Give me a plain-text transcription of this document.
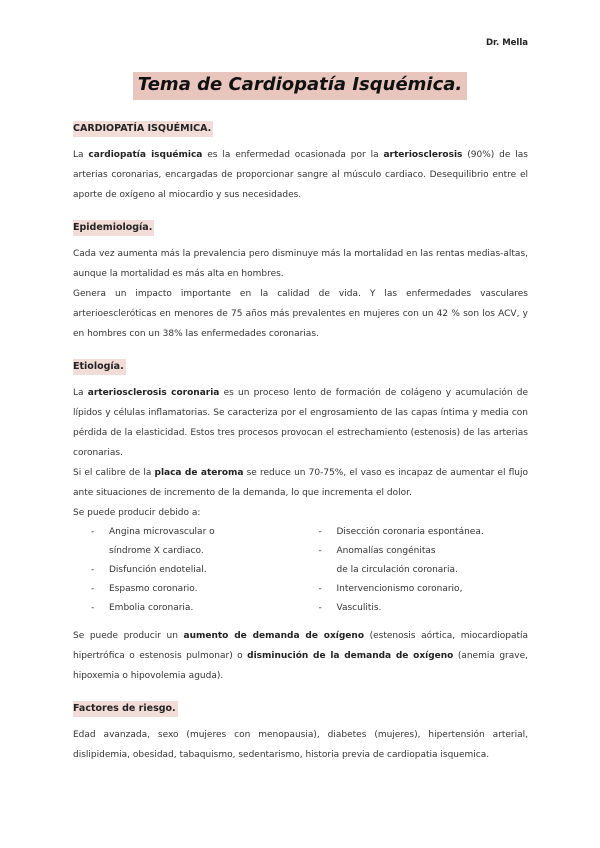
Dr. Mella
Tema de Cardiopatía Isquémica.
CARDIOPATÍA ISQUÉMICA.

La cardiopatía isquémica es la enfermedad ocasionada por la arteriosclerosis (90%) de las arterias coronarias, encargadas de proporcionar sangre al músculo cardiaco. Desequilibrio entre el aporte de oxígeno al miocardio y sus necesidades.

Epidemiología.

Cada vez aumenta más la prevalencia pero disminuye más la mortalidad en las rentas medias-altas, aunque la mortalidad es más alta en hombres.

Genera un impacto importante en la calidad de vida. Y las enfermedades vasculares arterioescleróticas en menores de 75 años más prevalentes en mujeres con un 42 % son los ACV, y en hombres con un 38% las enfermedades coronarias.

Etiología.

La arteriosclerosis coronaria es un proceso lento de formación de colágeno y acumulación de lípidos y células inflamatorias. Se caracteriza por el engrosamiento de las capas íntima y media con pérdida de la elasticidad. Estos tres procesos provocan el estrechamiento (estenosis) de las arterias coronarias.

Si el calibre de la placa de ateroma se reduce un 70-75%, el vaso es incapaz de aumentar el flujo ante situaciones de incremento de la demanda, lo que incrementa el dolor.

Se puede producir debido a:

-	Angina microvascular o
síndrome X cardiaco.
-	Disfunción endotelial.
-	Espasmo coronario.
-	Embolia coronaria.
-	Disección coronaria espontánea.
-	Anomalías congénitas
de la circulación coronaria.
-	Intervencionismo coronario,
-	Vasculitis.

Se puede producir un aumento de demanda de oxígeno (estenosis aórtica, miocardiopatía hipertrófica o estenosis pulmonar) o disminución de la demanda de oxígeno (anemia grave, hipoxemia o hipovolemia aguda).

Factores de riesgo.

Edad avanzada, sexo (mujeres con menopausia), diabetes (mujeres), hipertensión arterial, dislipidemia, obesidad, tabaquismo, sedentarismo, historia previa de cardiopatia isquemica.
